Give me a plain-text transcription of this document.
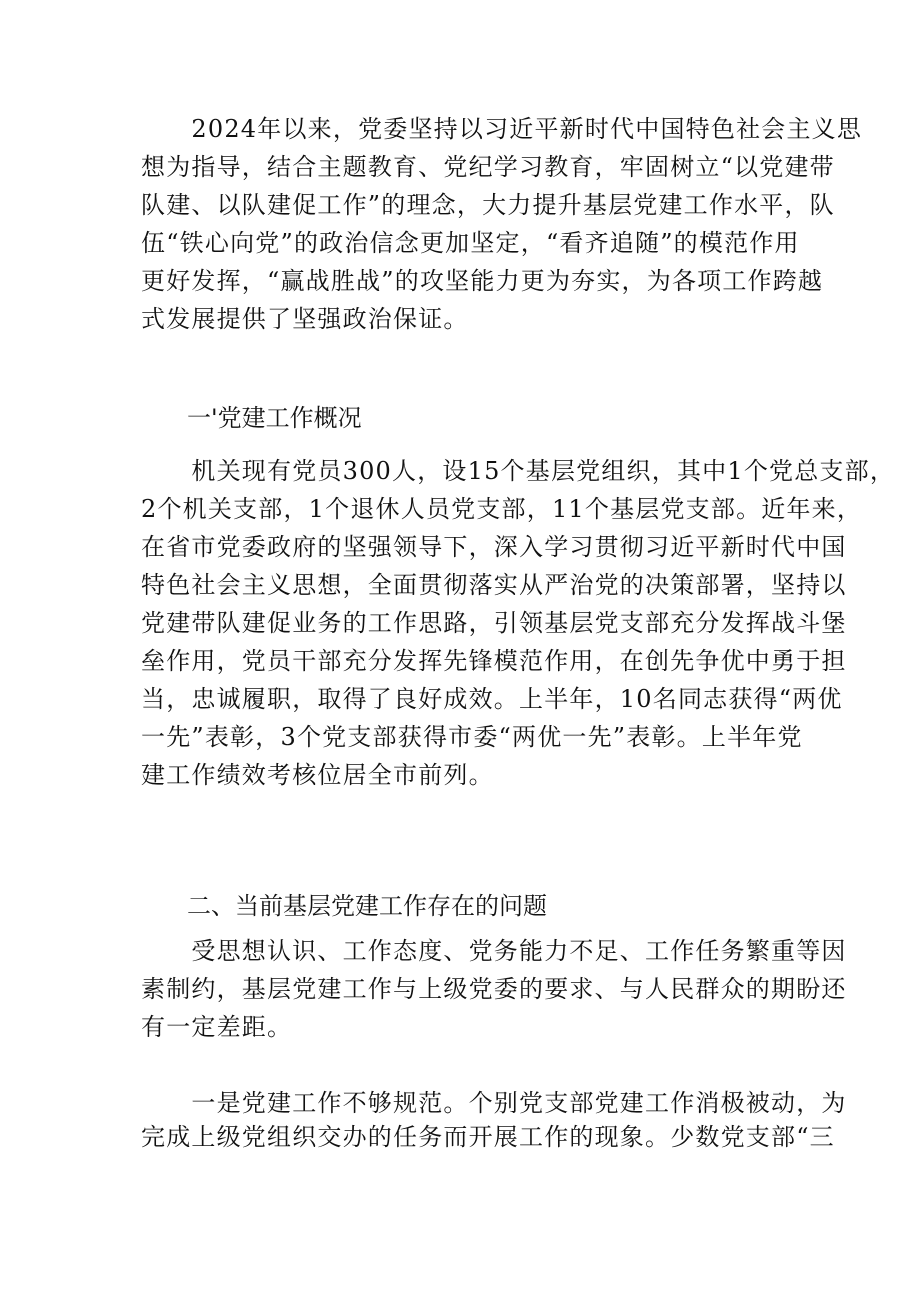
　　2024年以来，党委坚持以习近平新时代中国特色社会主义思
想为指导，结合主题教育、党纪学习教育，牢固树立“以党建带
队建、以队建促工作”的理念，大力提升基层党建工作水平，队
伍“铁心向党”的政治信念更加坚定，“看齐追随”的模范作用
更好发挥，“赢战胜战”的攻坚能力更为夯实，为各项工作跨越
式发展提供了坚强政治保证。
一'党建工作概况
　　机关现有党员300人，设15个基层党组织，其中1个党总支部，
2个机关支部，1个退休人员党支部，11个基层党支部。近年来，
在省市党委政府的坚强领导下，深入学习贯彻习近平新时代中国
特色社会主义思想，全面贯彻落实从严治党的决策部署，坚持以
党建带队建促业务的工作思路，引领基层党支部充分发挥战斗堡
垒作用，党员干部充分发挥先锋模范作用，在创先争优中勇于担
当，忠诚履职，取得了良好成效。上半年，10名同志获得“两优
一先”表彰，3个党支部获得市委“两优一先”表彰。上半年党
建工作绩效考核位居全市前列。
二、当前基层党建工作存在的问题
　　受思想认识、工作态度、党务能力不足、工作任务繁重等因
素制约，基层党建工作与上级党委的要求、与人民群众的期盼还
有一定差距。
　　一是党建工作不够规范。个别党支部党建工作消极被动，为
完成上级党组织交办的任务而开展工作的现象。少数党支部“三
